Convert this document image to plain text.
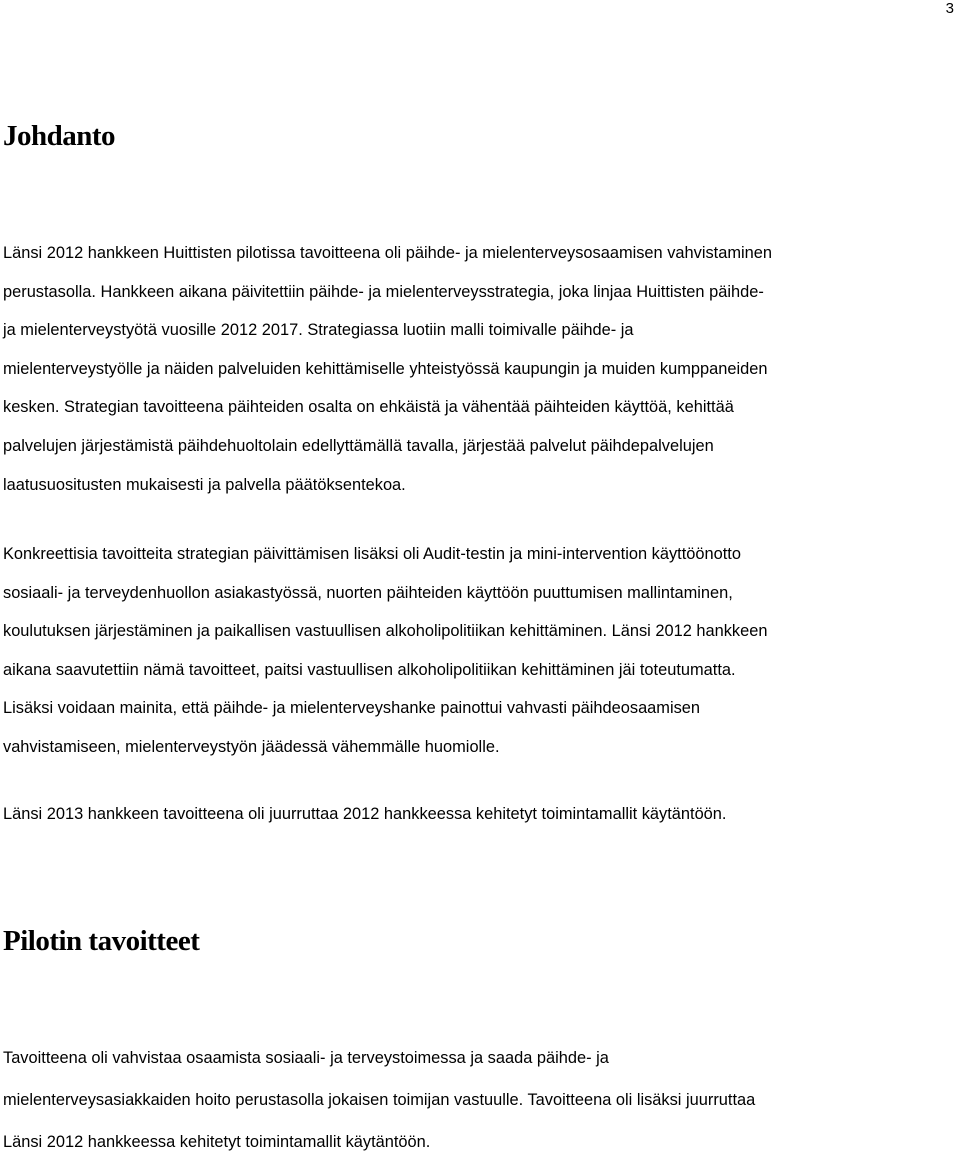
3
Johdanto

Länsi 2012 hankkeen Huittisten pilotissa tavoitteena oli päihde- ja mielenterveysosaamisen vahvistaminen
perustasolla. Hankkeen aikana päivitettiin päihde- ja mielenterveysstrategia, joka linjaa Huittisten päihde-
ja mielenterveystyötä vuosille 2012 2017. Strategiassa luotiin malli toimivalle päihde- ja
mielenterveystyölle ja näiden palveluiden kehittämiselle yhteistyössä kaupungin ja muiden kumppaneiden
kesken. Strategian tavoitteena päihteiden osalta on ehkäistä ja vähentää päihteiden käyttöä, kehittää
palvelujen järjestämistä päihdehuoltolain edellyttämällä tavalla, järjestää palvelut päihdepalvelujen
laatusuositusten mukaisesti ja palvella päätöksentekoa.

Konkreettisia tavoitteita strategian päivittämisen lisäksi oli Audit-testin ja mini-intervention käyttöönotto
sosiaali- ja terveydenhuollon asiakastyössä, nuorten päihteiden käyttöön puuttumisen mallintaminen,
koulutuksen järjestäminen ja paikallisen vastuullisen alkoholipolitiikan kehittäminen. Länsi 2012 hankkeen
aikana saavutettiin nämä tavoitteet, paitsi vastuullisen alkoholipolitiikan kehittäminen jäi toteutumatta.
Lisäksi voidaan mainita, että päihde- ja mielenterveyshanke painottui vahvasti päihdeosaamisen
vahvistamiseen, mielenterveystyön jäädessä vähemmälle huomiolle.

Länsi 2013 hankkeen tavoitteena oli juurruttaa 2012 hankkeessa kehitetyt toimintamallit käytäntöön.

Pilotin tavoitteet

Tavoitteena oli vahvistaa osaamista sosiaali- ja terveystoimessa ja saada päihde- ja
mielenterveysasiakkaiden hoito perustasolla jokaisen toimijan vastuulle. Tavoitteena oli lisäksi juurruttaa
Länsi 2012 hankkeessa kehitetyt toimintamallit käytäntöön.
